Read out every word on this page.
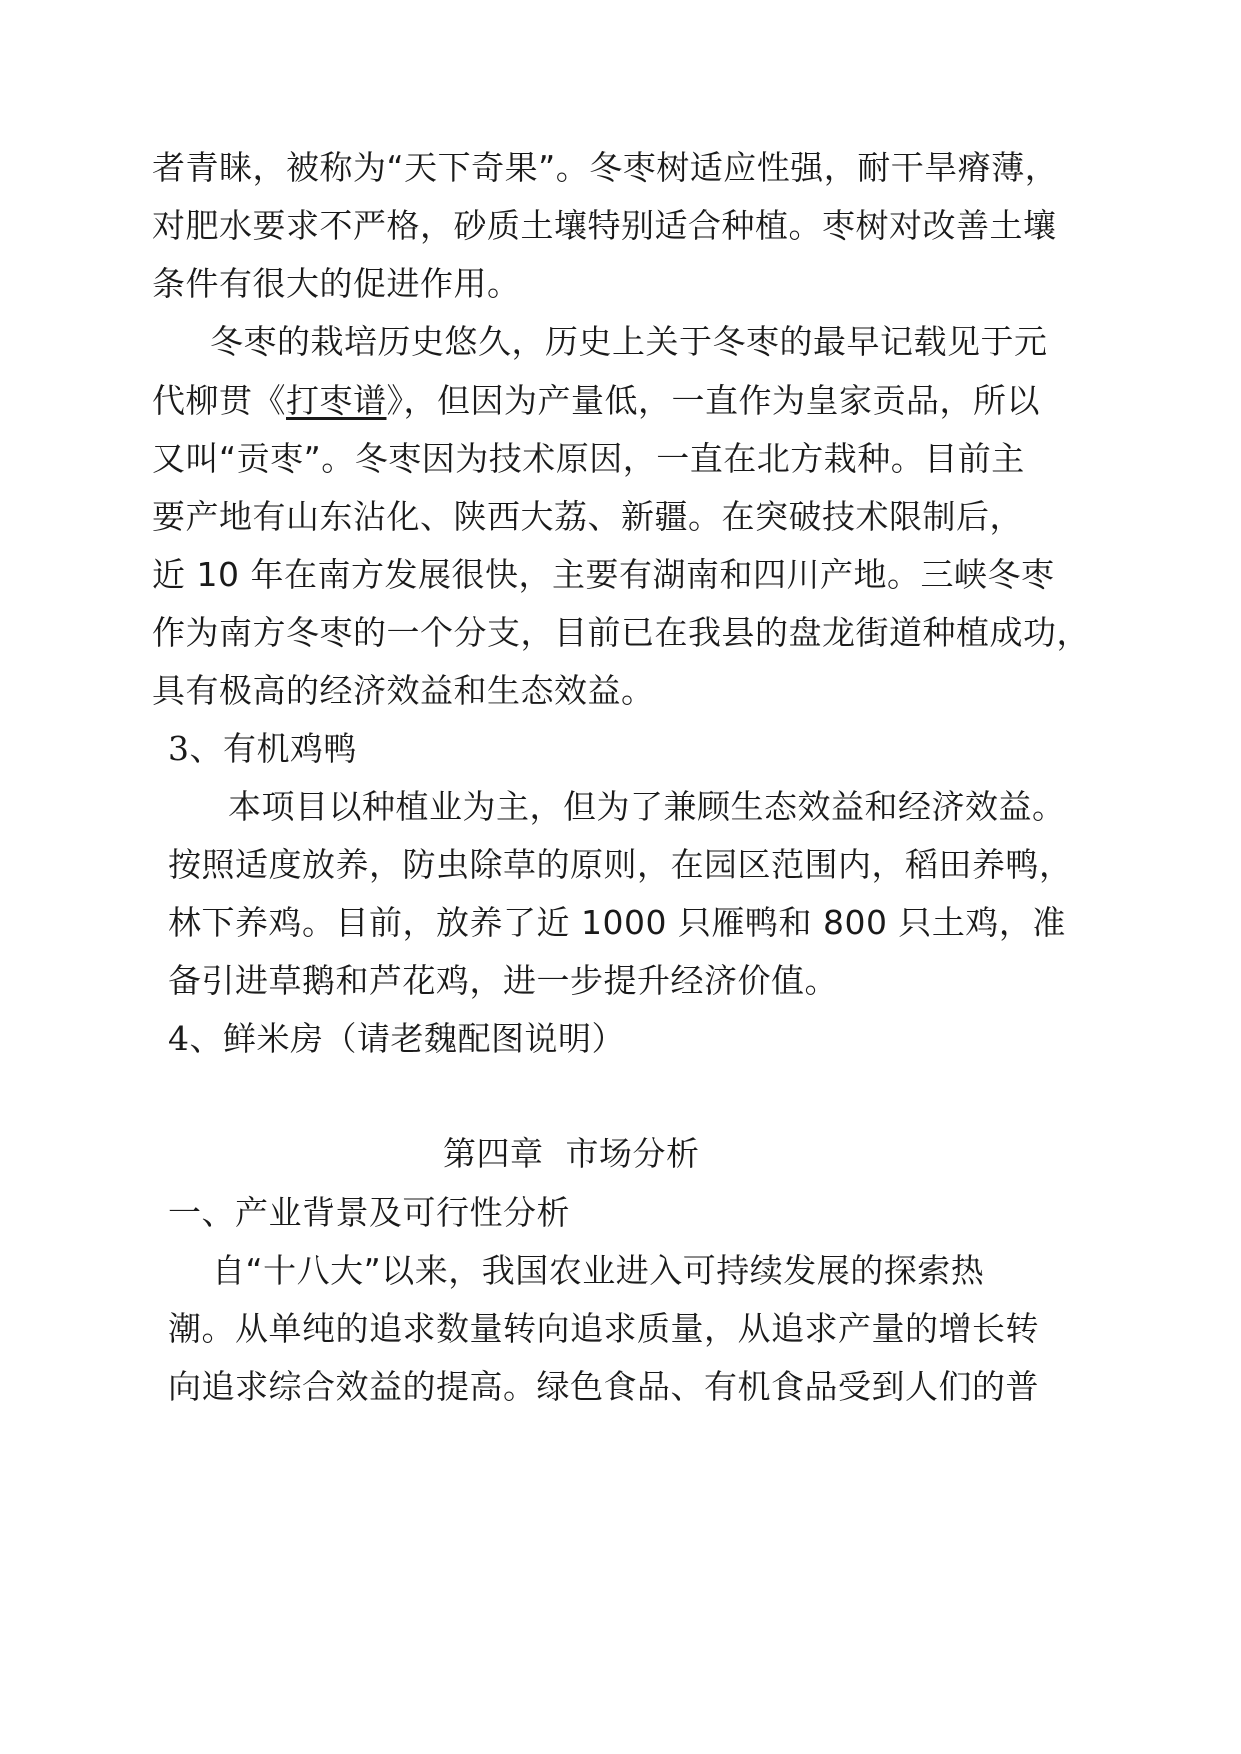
者青睐，被称为“天下奇果”。冬枣树适应性强，耐干旱瘠薄，
对肥水要求不严格，砂质土壤特别适合种植。枣树对改善土壤
条件有很大的促进作用。
冬枣的栽培历史悠久，历史上关于冬枣的最早记载见于元
代柳贯《打枣谱》，但因为产量低，一直作为皇家贡品，所以
又叫“贡枣”。冬枣因为技术原因，一直在北方栽种。目前主
要产地有山东沾化、陕西大荔、新疆。在突破技术限制后，
近 10 年在南方发展很快，主要有湖南和四川产地。三峡冬枣
作为南方冬枣的一个分支，目前已在我县的盘龙街道种植成功，
具有极高的经济效益和生态效益。
3、有机鸡鸭
本项目以种植业为主，但为了兼顾生态效益和经济效益。
按照适度放养，防虫除草的原则，在园区范围内，稻田养鸭，
林下养鸡。目前，放养了近 1000 只雁鸭和 800 只土鸡，准
备引进草鹅和芦花鸡，进一步提升经济价值。
4、鲜米房（请老魏配图说明）
第四章  市场分析
一、产业背景及可行性分析
自“十八大”以来，我国农业进入可持续发展的探索热
潮。从单纯的追求数量转向追求质量，从追求产量的增长转
向追求综合效益的提高。绿色食品、有机食品受到人们的普
